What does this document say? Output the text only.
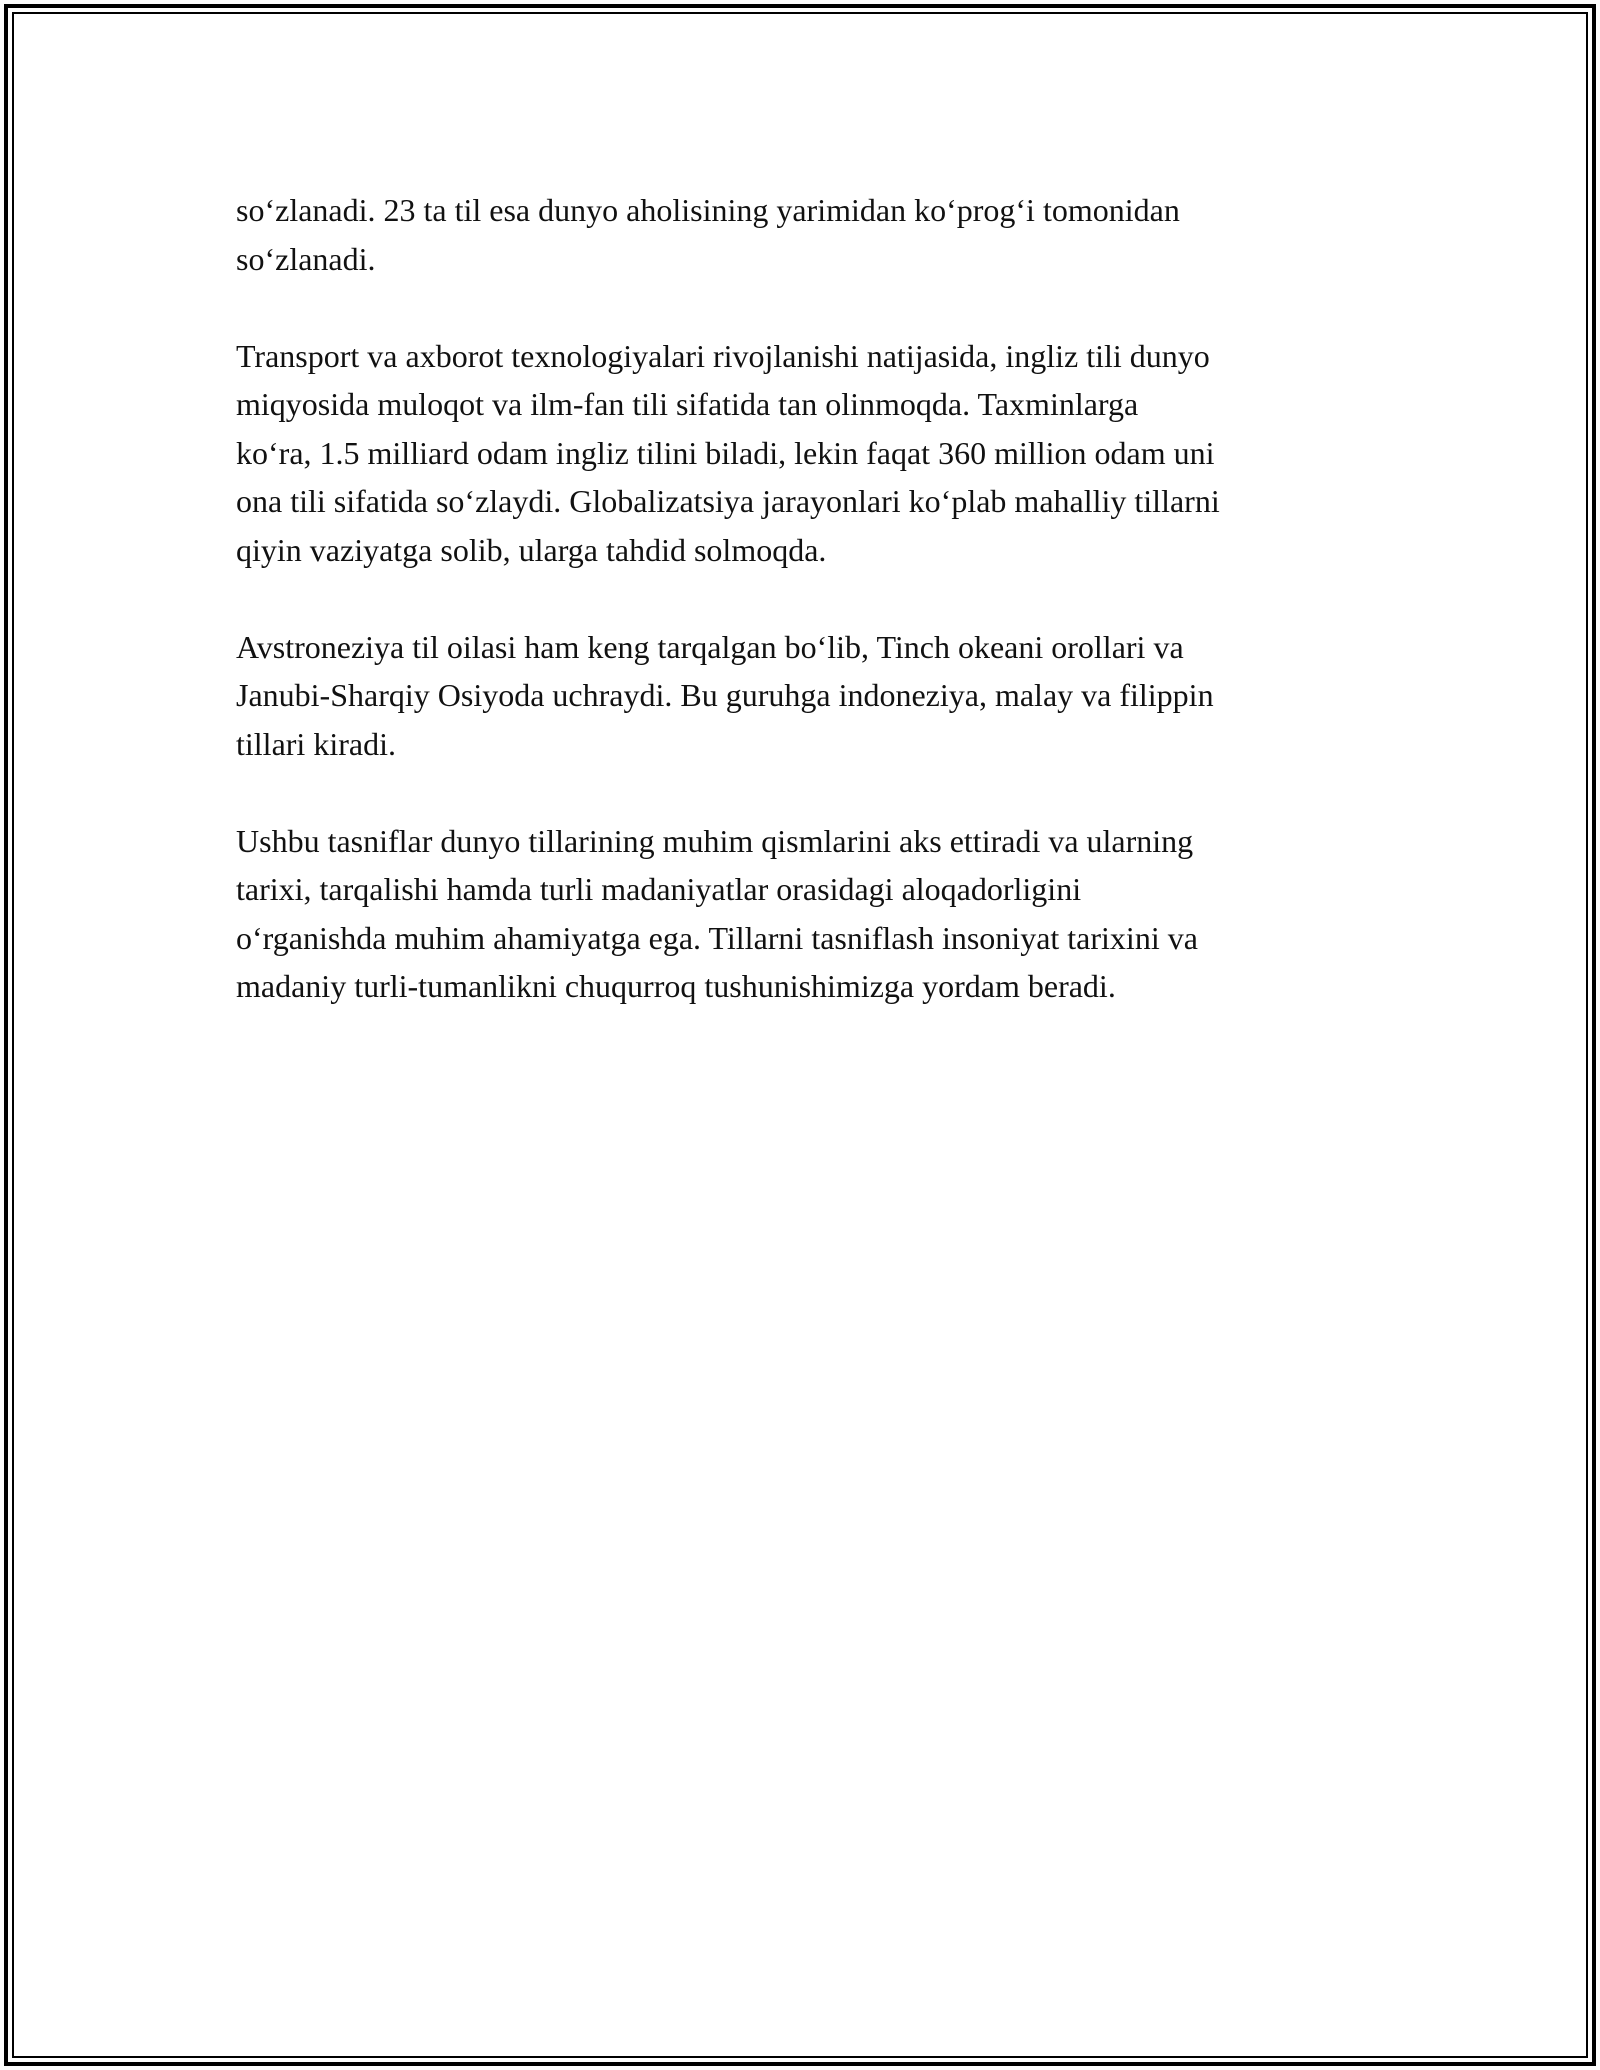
so‘zlanadi. 23 ta til esa dunyo aholisining yarimidan ko‘prog‘i tomonidan
so‘zlanadi.

Transport va axborot texnologiyalari rivojlanishi natijasida, ingliz tili dunyo
miqyosida muloqot va ilm-fan tili sifatida tan olinmoqda. Taxminlarga
ko‘ra, 1.5 milliard odam ingliz tilini biladi, lekin faqat 360 million odam uni
ona tili sifatida so‘zlaydi. Globalizatsiya jarayonlari ko‘plab mahalliy tillarni
qiyin vaziyatga solib, ularga tahdid solmoqda.

Avstroneziya til oilasi ham keng tarqalgan bo‘lib, Tinch okeani orollari va
Janubi-Sharqiy Osiyoda uchraydi. Bu guruhga indoneziya, malay va filippin
tillari kiradi.

Ushbu tasniflar dunyo tillarining muhim qismlarini aks ettiradi va ularning
tarixi, tarqalishi hamda turli madaniyatlar orasidagi aloqadorligini
o‘rganishda muhim ahamiyatga ega. Tillarni tasniflash insoniyat tarixini va
madaniy turli-tumanlikni chuqurroq tushunishimizga yordam beradi.
